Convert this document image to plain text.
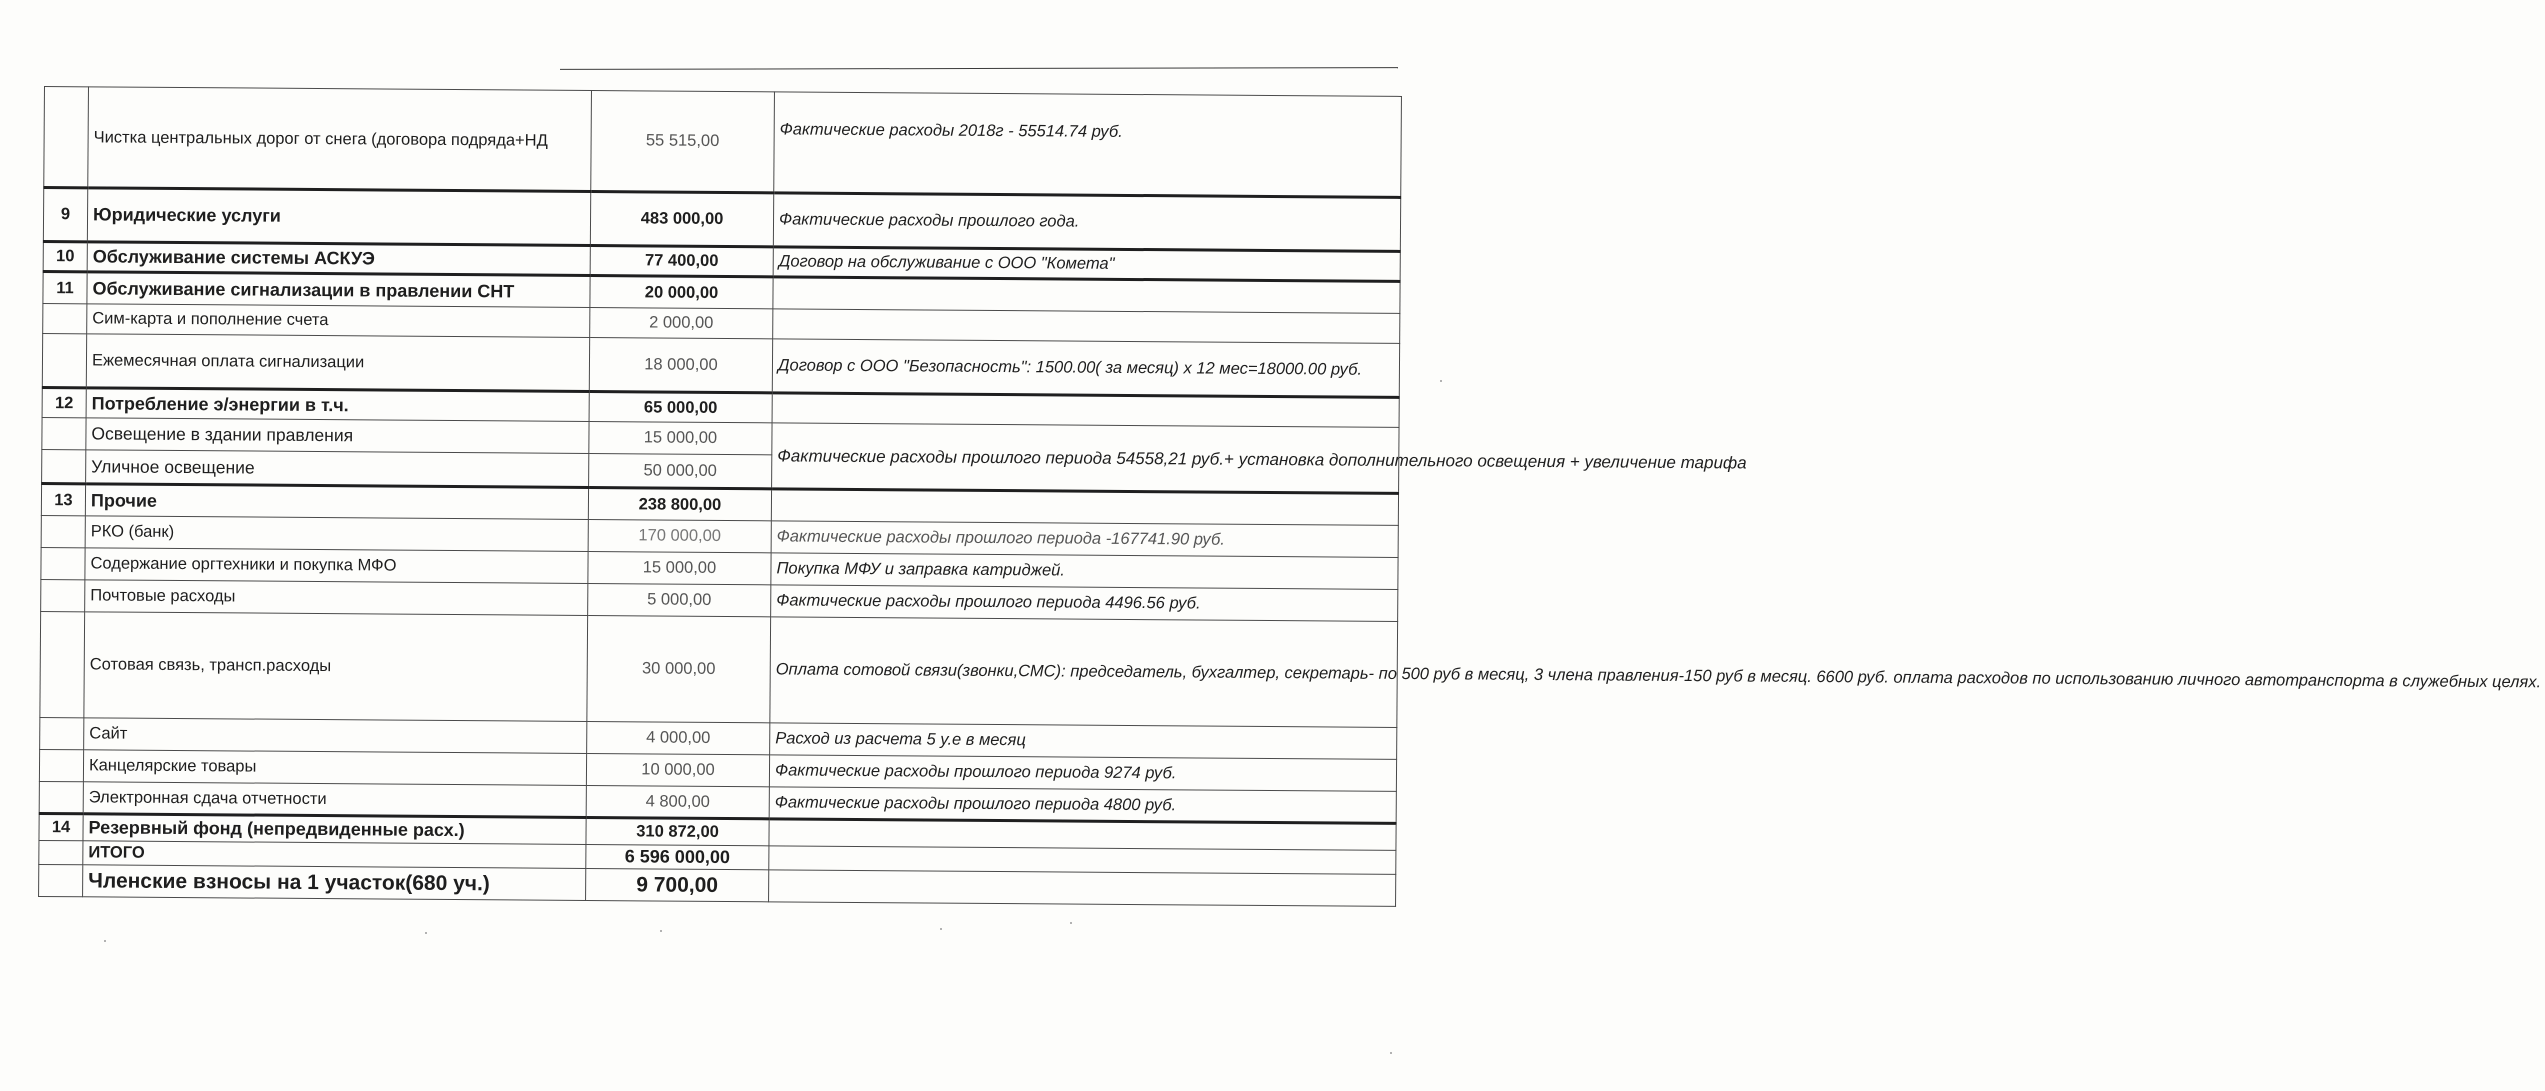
	Чистка центральных дорог от снега (договора подряда+НД	55 515,00	Фактические расходы 2018г - 55514.74 руб.
9	Юридические услуги	483 000,00	Фактические расходы прошлого года.
10	Обслуживание системы АСКУЭ	77 400,00	Договор на обслуживание с ООО "Комета"
11	Обслуживание сигнализации в правлении СНТ	20 000,00	
	Сим-карта и пополнение счета	2 000,00	
	Ежемесячная оплата сигнализации	18 000,00	Договор с ООО "Безопасность": 1500.00( за месяц) х 12 мес=18000.00 руб.
12	Потребление э/энергии в т.ч.	65 000,00	
	Освещение в здании правления	15 000,00	Фактические расходы прошлого периода 54558,21 руб.+ установка дополнительного освещения + увеличение тарифа
	Уличное освещение	50 000,00	
13	Прочие	238 800,00	
	РКО (банк)	170 000,00	Фактические расходы прошлого периода -167741.90 руб.
	Содержание оргтехники и покупка МФО	15 000,00	Покупка МФУ и заправка катриджей.
	Почтовые расходы	5 000,00	Фактические расходы прошлого периода 4496.56 руб.
	Сотовая связь, трансп.расходы	30 000,00	Оплата сотовой связи(звонки,СМС): председатель, бухгалтер, секретарь- по 500 руб в месяц, 3 члена правления-150 руб в месяц. 6600 руб. оплата расходов по использованию личного автотранспорта в служебных целях.
	Сайт	4 000,00	Расход из расчета 5 у.е в месяц
	Канцелярские товары	10 000,00	Фактические расходы прошлого периода 9274 руб.
	Электронная сдача отчетности	4 800,00	Фактические расходы прошлого периода 4800 руб.
14	Резервный фонд (непредвиденные расх.)	310 872,00	
	ИТОГО	6 596 000,00	
	Членские взносы на 1 участок(680 уч.)	9 700,00	
